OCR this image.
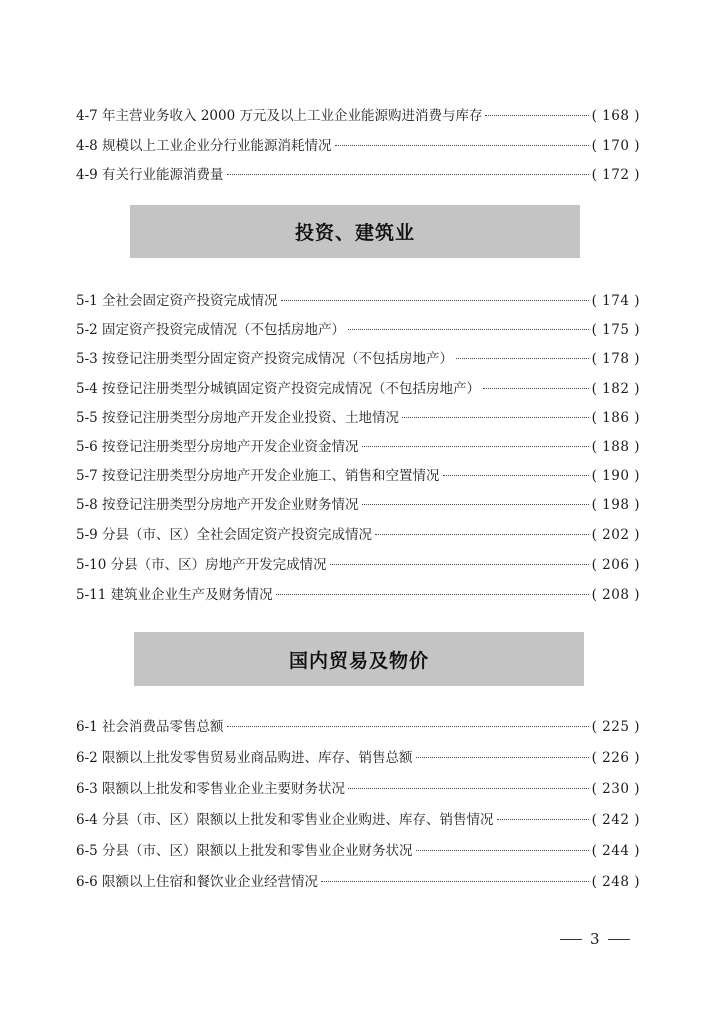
4-7 年主营业务收入 2000 万元及以上工业企业能源购进消费与库存	( 168 )
4-8 规模以上工业企业分行业能源消耗情况	( 170 )
4-9 有关行业能源消费量	( 172 )
投资、建筑业
5-1 全社会固定资产投资完成情况	( 174 )
5-2 固定资产投资完成情况（不包括房地产）	( 175 )
5-3 按登记注册类型分固定资产投资完成情况（不包括房地产）	( 178 )
5-4 按登记注册类型分城镇固定资产投资完成情况（不包括房地产）	( 182 )
5-5 按登记注册类型分房地产开发企业投资、土地情况	( 186 )
5-6 按登记注册类型分房地产开发企业资金情况	( 188 )
5-7 按登记注册类型分房地产开发企业施工、销售和空置情况	( 190 )
5-8 按登记注册类型分房地产开发企业财务情况	( 198 )
5-9 分县（市、区）全社会固定资产投资完成情况	( 202 )
5-10 分县（市、区）房地产开发完成情况	( 206 )
5-11 建筑业企业生产及财务情况	( 208 )
国内贸易及物价
6-1 社会消费品零售总额	( 225 )
6-2 限额以上批发零售贸易业商品购进、库存、销售总额	( 226 )
6-3 限额以上批发和零售业企业主要财务状况	( 230 )
6-4 分县（市、区）限额以上批发和零售业企业购进、库存、销售情况	( 242 )
6-5 分县（市、区）限额以上批发和零售业企业财务状况	( 244 )
6-6 限额以上住宿和餐饮业企业经营情况	( 248 )
3
